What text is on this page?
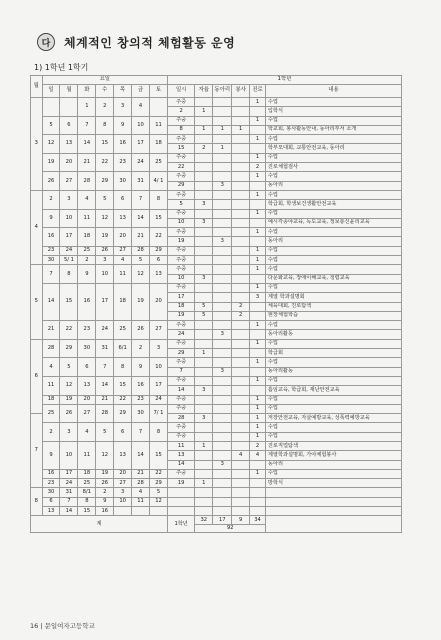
다	체계적인 창의적 체험활동 운영
1) 1학년 1학기
월	요일							1학년					
	일	월	화	수	목	금	토	일시	자율	동아리	봉사	진로	내용
3			1	2	3	4		주중				1	수업
								2	1				입학식
	5	6	7	8	9	10	11	주중				1	수업
								8	1	1	1		학교회, 봉사활동안내, 동아리부서 소개
	12	13	14	15	16	17	18	주중				1	수업
								15	2	1			학부모대회, 교통안전교육, 동아리
	19	20	21	22	23	24	25	주중				1	수업
								22				2	진로체험검사
	26	27	28	29	30	31	4/ 1	주중				1	수업
								29		3			동아리
4	2	3	4	5	6	7	8	주중				1	수업
								5	3				학급회, 학생보건생활안전교육
	9	10	11	12	13	14	15	주중				1	수업
								10	3				예시각종야교육, 독도교육, 정보통신윤리교육
	16	17	18	19	20	21	22	주중				1	수업
								19		3			동아리
	23	24	25	26	27	28	29	주중				1	수업
	30	5/ 1	2	3	4	5	6	주중				1	수업
5	7	8	9	10	11	12	13	주중				1	수업
								10	3				다문화교육, 장애이해교육, 청렴교육
	14	15	16	17	18	19	20	주중				1	수업
								17				3	계열 학과설명회
								18	5		2		체육대회, 진로탐색
								19	5		2		현장체험학습
	21	22	23	24	25	26	27	주중				1	수업
								24		3			동아리활동
6	28	29	30	31	6/1	2	3	주중				1	수업
								29	1				학급회
	4	5	6	7	8	9	10	주중				1	수업
								7		3			동아리활동
	11	12	13	14	15	16	17	주중				1	수업
								14	3				흡임교육, 학급회, 재난안전교육
	18	19	20	21	22	23	24	주중				1	수업
	25	26	27	28	29	30	7/ 1	주중				1	수업
7								28	3			1	저장안전교육, 자살예방교육, 성폭력예방교육
	2	3	4	5	6	7	8	주중				1	수업
								주중				1	수업
	9	10	11	12	13	14	15	11	1			2	진로직업탐색
								13			4	4	계열학과설명회, 가야체험봉사
								14		3			동아리
	16	17	18	19	20	21	22	주중				1	수업
	23	24	25	26	27	28	29	19	1				방학식
8	30	31	8/1	2	3	4	5						
	6	7	8	9	10	11	12						
	13	14	15	16									
계								1학년	32	17	9	34	
									92				
16 | 문일여자고등학교
